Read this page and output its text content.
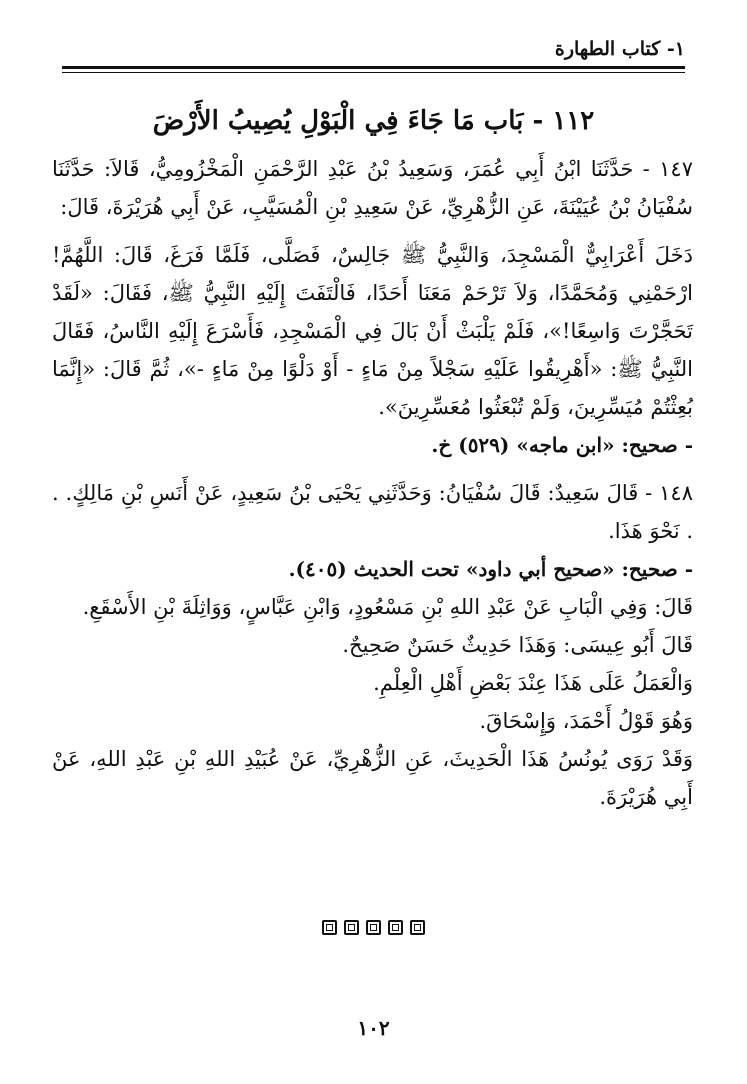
١- كتاب الطهارة
١١٢ - بَاب مَا جَاءَ فِي الْبَوْلِ يُصِيبُ الأَرْضَ

١٤٧ - حَدَّثَنَا ابْنُ أَبِي عُمَرَ، وَسَعِيدُ بْنُ عَبْدِ الرَّحْمَنِ الْمَخْزُومِيُّ، قَالاَ: حَدَّثَنَا سُفْيَانُ بْنُ عُيَيْنَةَ، عَنِ الزُّهْرِيِّ، عَنْ سَعِيدِ بْنِ الْمُسَيَّبِ، عَنْ أَبِي هُرَيْرَةَ، قَالَ:

دَخَلَ أَعْرَابِيٌّ الْمَسْجِدَ، وَالنَّبِيُّ ﷺ جَالِسٌ، فَصَلَّى، فَلَمَّا فَرَغَ، قَالَ: اللَّهُمَّ! ارْحَمْنِي وَمُحَمَّدًا، وَلاَ تَرْحَمْ مَعَنَا أَحَدًا، فَالْتَفَتَ إِلَيْهِ النَّبِيُّ ﷺ، فَقَالَ: «لَقَدْ تَحَجَّرْتَ وَاسِعًا!»، فَلَمْ يَلْبَثْ أَنْ بَالَ فِي الْمَسْجِدِ، فَأَسْرَعَ إِلَيْهِ النَّاسُ، فَقَالَ النَّبِيُّ ﷺ: «أَهْرِيقُوا عَلَيْهِ سَجْلاً مِنْ مَاءٍ - أَوْ دَلْوًا مِنْ مَاءٍ -»، ثُمَّ قَالَ: «إِنَّمَا بُعِثْتُمْ مُيَسِّرِينَ، وَلَمْ تُبْعَثُوا مُعَسِّرِينَ».

- صحيح: «ابن ماجه» (٥٢٩) خ.

١٤٨ - قَالَ سَعِيدٌ: قَالَ سُفْيَانُ: وَحَدَّثَنِي يَحْيَى بْنُ سَعِيدٍ، عَنْ أَنَسِ بْنِ مَالِكٍ. . . نَحْوَ هَذَا.

- صحيح: «صحيح أبي داود» تحت الحديث (٤٠٥).

قَالَ: وَفِي الْبَابِ عَنْ عَبْدِ اللهِ بْنِ مَسْعُودٍ، وَابْنِ عَبَّاسٍ، وَوَاثِلَةَ بْنِ الأَسْقَعِ.

قَالَ أَبُو عِيسَى: وَهَذَا حَدِيثٌ حَسَنٌ صَحِيحٌ.

وَالْعَمَلُ عَلَى هَذَا عِنْدَ بَعْضِ أَهْلِ الْعِلْمِ.

وَهُوَ قَوْلُ أَحْمَدَ، وَإِسْحَاقَ.

وَقَدْ رَوَى يُونُسُ هَذَا الْحَدِيثَ، عَنِ الزُّهْرِيِّ، عَنْ عُبَيْدِ اللهِ بْنِ عَبْدِ اللهِ، عَنْ أَبِي هُرَيْرَةَ.

١٠٢
